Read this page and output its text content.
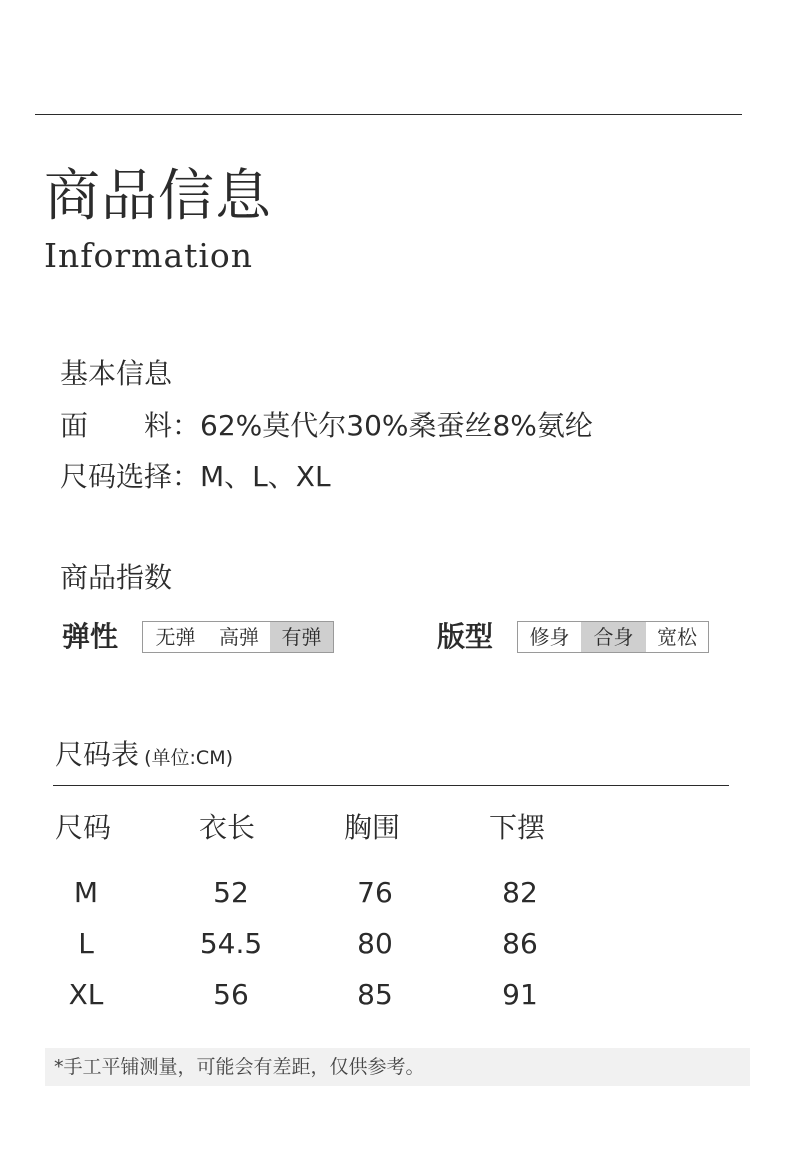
商品信息
Information
基本信息
面　　料：62%莫代尔30%桑蚕丝8%氨纶
尺码选择：M、L、XL
商品指数
弹性	无弹	高弹	有弹	版型	修身	合身	宽松
尺码表 (单位:CM)
尺码	衣长	胸围	下摆
M	52	76	82
L	54.5	80	86
XL	56	85	91
*手工平铺测量，可能会有差距，仅供参考。
